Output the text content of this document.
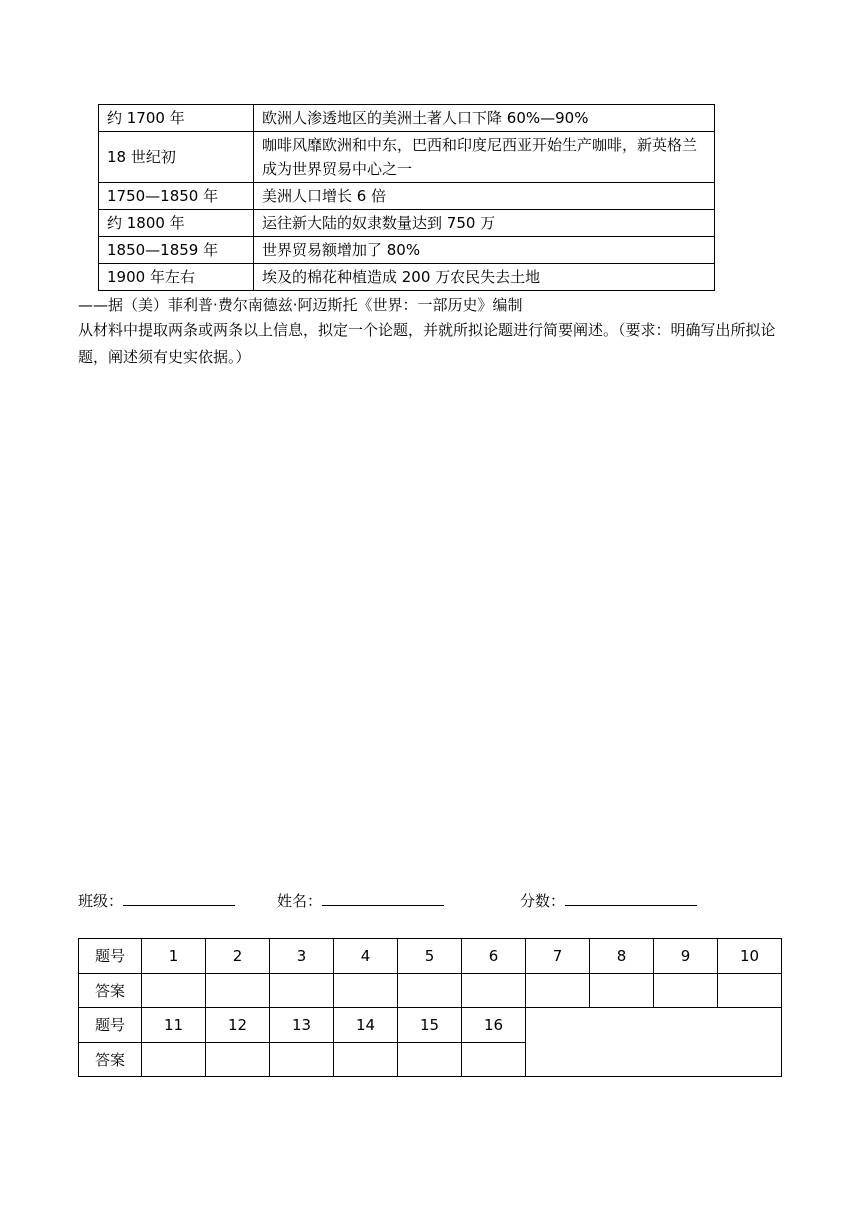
约 1700 年	欧洲人渗透地区的美洲土著人口下降 60%—90%
18 世纪初	咖啡风靡欧洲和中东，巴西和印度尼西亚开始生产咖啡，新英格兰成为世界贸易中心之一
1750—1850 年	美洲人口增长 6 倍
约 1800 年	运往新大陆的奴隶数量达到 750 万
1850—1859 年	世界贸易额增加了 80%
1900 年左右	埃及的棉花种植造成 200 万农民失去土地
——据（美）菲利普·费尔南德兹·阿迈斯托《世界：一部历史》编制
从材料中提取两条或两条以上信息，拟定一个论题，并就所拟论题进行简要阐述。（要求：明确写出所拟论题，阐述须有史实依据。）
班级：	姓名：	分数：
题号	1	2	3	4	5	6	7	8	9	10
答案										
题号	11	12	13	14	15	16				
答案										
